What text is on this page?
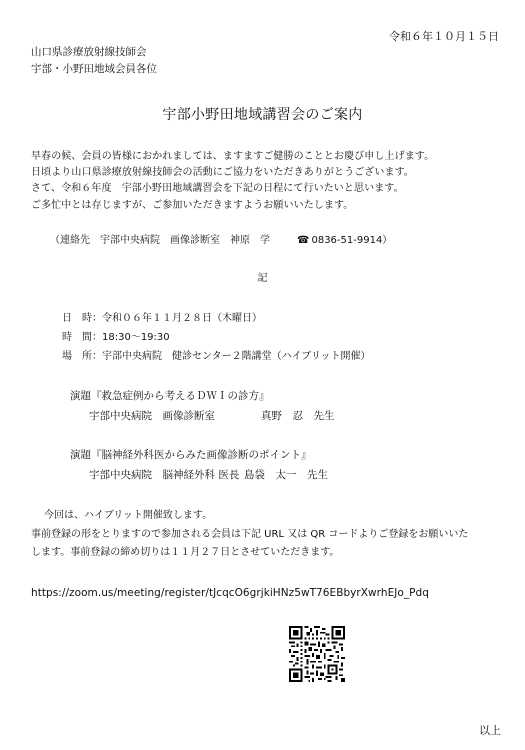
令和６年１０月１５日
山口県診療放射線技師会
宇部・小野田地域会員各位
宇部小野田地域講習会のご案内
早春の候、会員の皆様におかれましては、ますますご健勝のこととお慶び申し上げます。
日頃より山口県診療放射線技師会の活動にご協力をいただきありがとうございます。
さて、令和６年度　宇部小野田地域講習会を下記の日程にて行いたいと思います。
ご多忙中とは存じますが、ご参加いただきますようお願いいたします。
（連絡先　宇部中央病院　画像診断室　神原　学	☎ 0836-51-9914）
記
日　時：令和０６年１１月２８日（木曜日）
時　間：18:30～19:30
場　所：宇部中央病院　健診センター２階講堂（ハイブリット開催）
演題『救急症例から考えるＤＷＩの診方』
宇部中央病院　画像診断室	真野　忍　先生
演題『脳神経外科医からみた画像診断のポイント』
宇部中央病院　脳神経外科 医長 島袋　太一　先生
今回は、ハイブリット開催致します。
事前登録の形をとりますので参加される会員は下記 URL 又は QR コードよりご登録をお願いいた
します。事前登録の締め切りは１１月２７日とさせていただきます。
https://zoom.us/meeting/register/tJcqcO6grjkiHNz5wT76EBbyrXwrhEJo_Pdq
以上
